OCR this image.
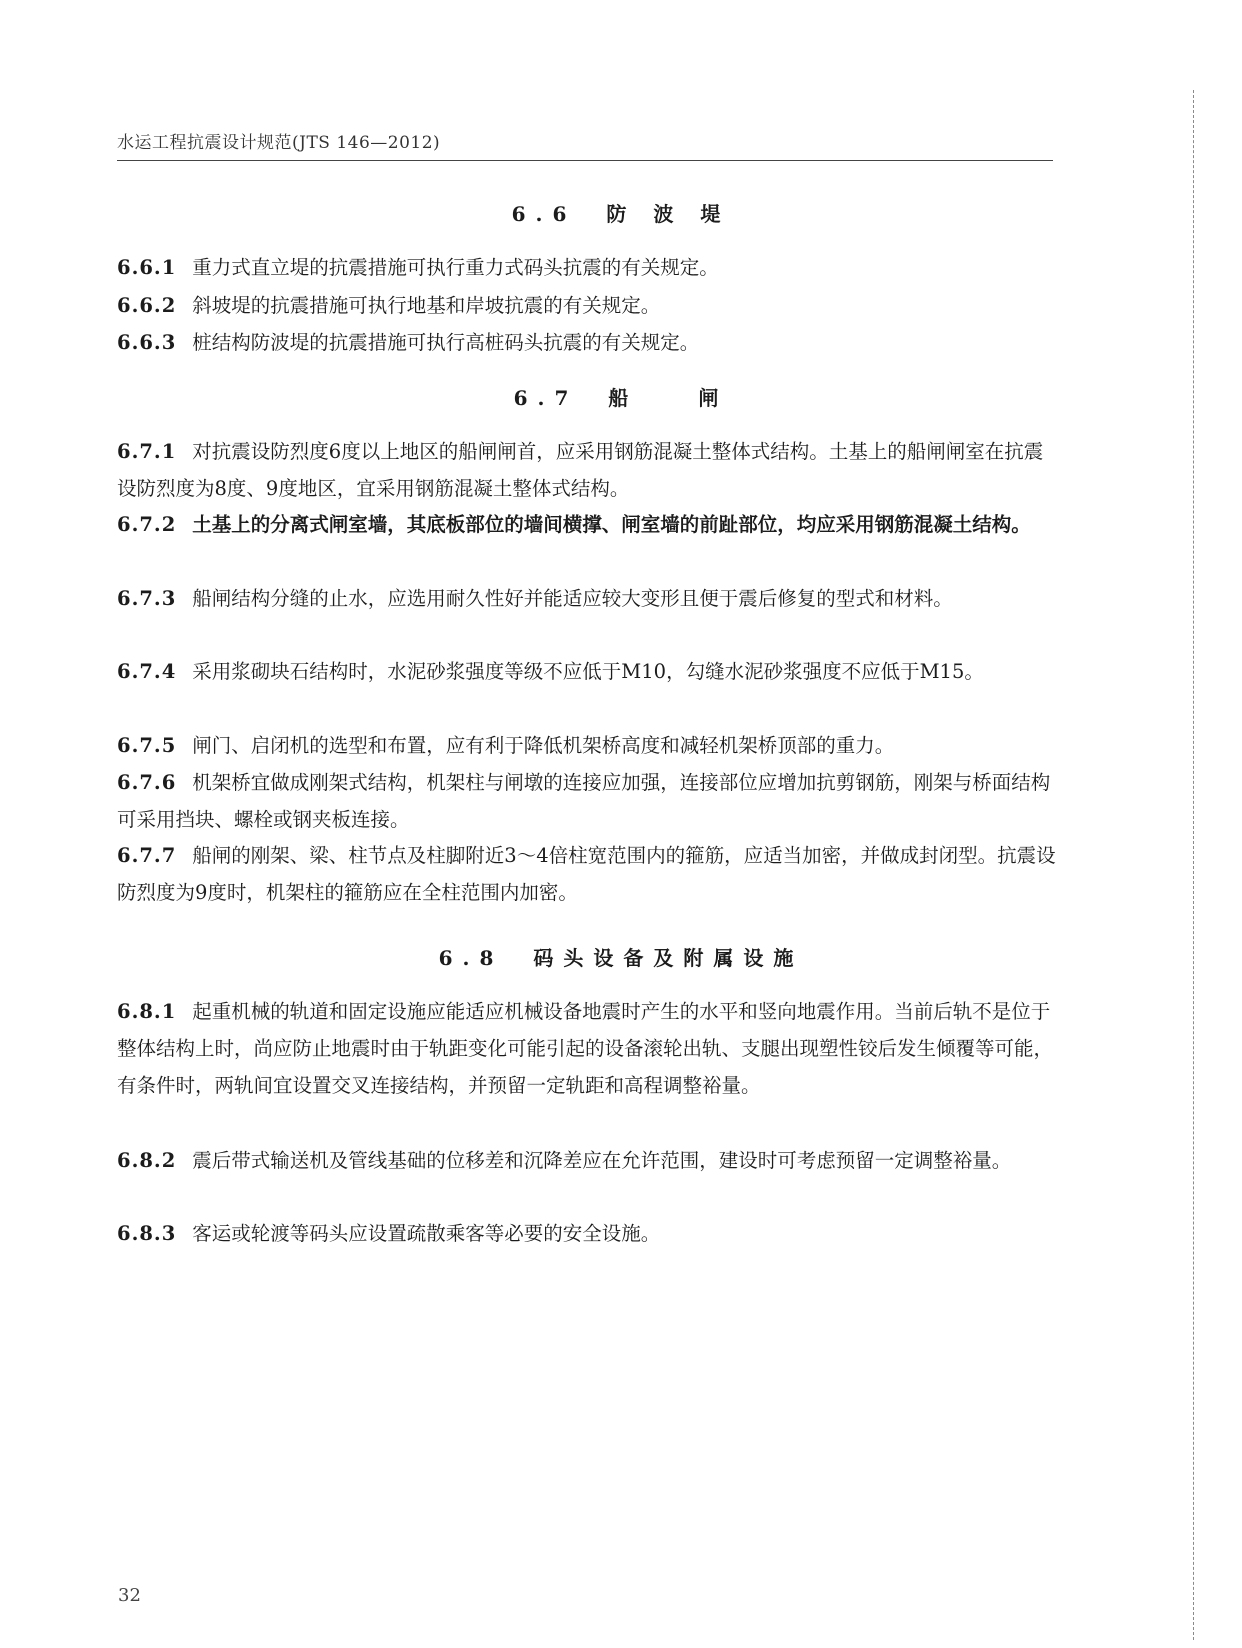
水运工程抗震设计规范(JTS 146—2012)
6.6　防 波 堤
6.6.1 重力式直立堤的抗震措施可执行重力式码头抗震的有关规定。
6.6.2 斜坡堤的抗震措施可执行地基和岸坡抗震的有关规定。
6.6.3 桩结构防波堤的抗震措施可执行高桩码头抗震的有关规定。
6.7　船　　闸
6.7.1 对抗震设防烈度6度以上地区的船闸闸首，应采用钢筋混凝土整体式结构。土基上的船闸闸室在抗震设防烈度为8度、9度地区，宜采用钢筋混凝土整体式结构。
6.7.2 土基上的分离式闸室墙，其底板部位的墙间横撑、闸室墙的前趾部位，均应采用钢筋混凝土结构。
6.7.3 船闸结构分缝的止水，应选用耐久性好并能适应较大变形且便于震后修复的型式和材料。
6.7.4 采用浆砌块石结构时，水泥砂浆强度等级不应低于M10，勾缝水泥砂浆强度不应低于M15。
6.7.5 闸门、启闭机的选型和布置，应有利于降低机架桥高度和减轻机架桥顶部的重力。
6.7.6 机架桥宜做成刚架式结构，机架柱与闸墩的连接应加强，连接部位应增加抗剪钢筋，刚架与桥面结构可采用挡块、螺栓或钢夹板连接。
6.7.7 船闸的刚架、梁、柱节点及柱脚附近3～4倍柱宽范围内的箍筋，应适当加密，并做成封闭型。抗震设防烈度为9度时，机架柱的箍筋应在全柱范围内加密。
6.8　码头设备及附属设施
6.8.1 起重机械的轨道和固定设施应能适应机械设备地震时产生的水平和竖向地震作用。当前后轨不是位于整体结构上时，尚应防止地震时由于轨距变化可能引起的设备滚轮出轨、支腿出现塑性铰后发生倾覆等可能，有条件时，两轨间宜设置交叉连接结构，并预留一定轨距和高程调整裕量。
6.8.2 震后带式输送机及管线基础的位移差和沉降差应在允许范围，建设时可考虑预留一定调整裕量。
6.8.3 客运或轮渡等码头应设置疏散乘客等必要的安全设施。
32
